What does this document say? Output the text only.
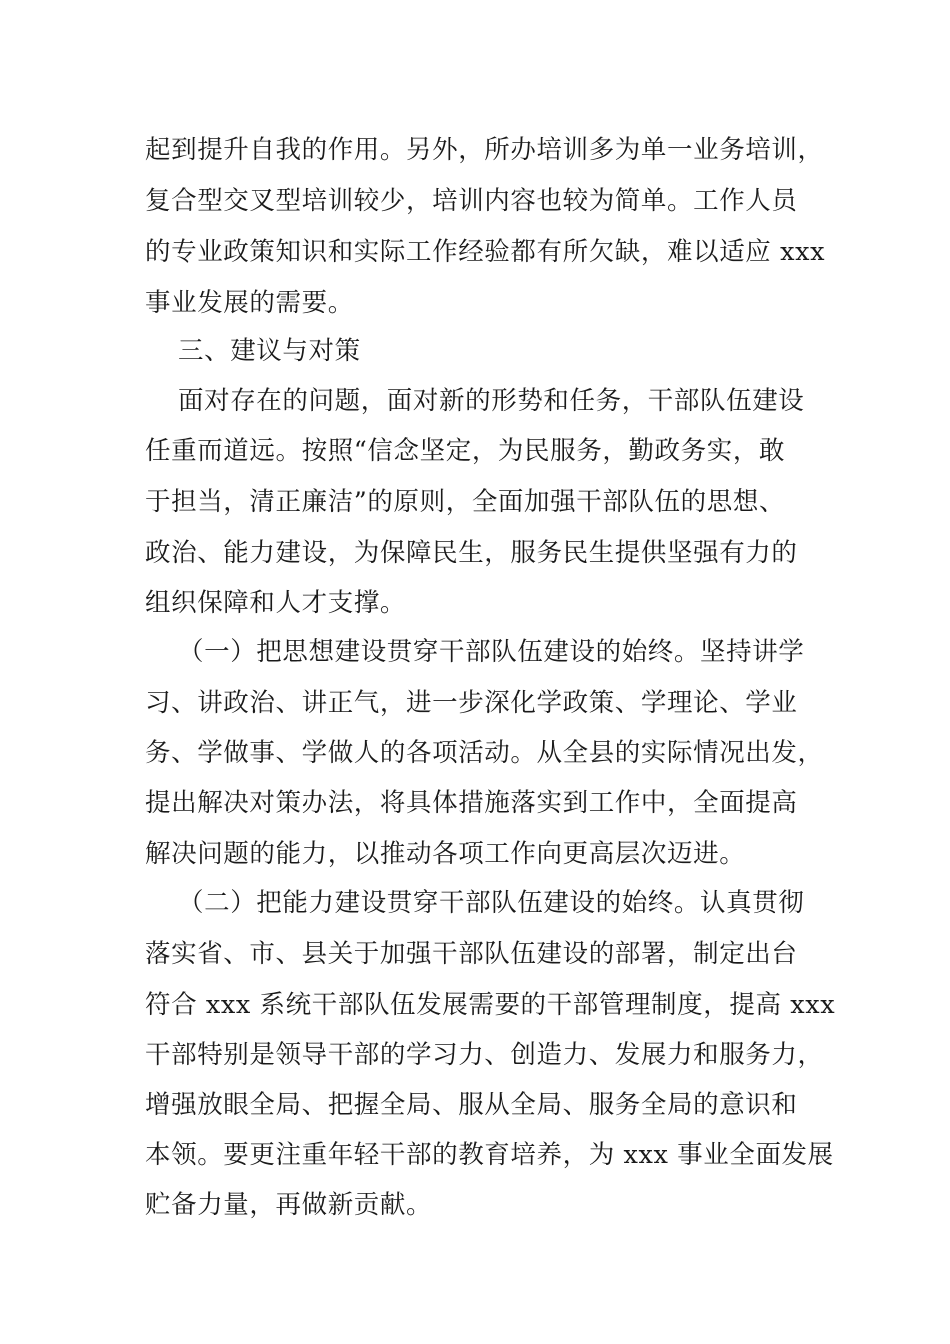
起到提升自我的作用。另外，所办培训多为单一业务培训，
复合型交叉型培训较少，培训内容也较为简单。工作人员
的专业政策知识和实际工作经验都有所欠缺，难以适应 xxx
事业发展的需要。
三、建议与对策
面对存在的问题，面对新的形势和任务，干部队伍建设
任重而道远。按照“信念坚定，为民服务，勤政务实，敢
于担当，清正廉洁”的原则，全面加强干部队伍的思想、
政治、能力建设，为保障民生，服务民生提供坚强有力的
组织保障和人才支撑。
（一）把思想建设贯穿干部队伍建设的始终。坚持讲学
习、讲政治、讲正气，进一步深化学政策、学理论、学业
务、学做事、学做人的各项活动。从全县的实际情况出发，
提出解决对策办法，将具体措施落实到工作中，全面提高
解决问题的能力，以推动各项工作向更高层次迈进。
（二）把能力建设贯穿干部队伍建设的始终。认真贯彻
落实省、市、县关于加强干部队伍建设的部署，制定出台
符合 xxx 系统干部队伍发展需要的干部管理制度，提高 xxx
干部特别是领导干部的学习力、创造力、发展力和服务力，
增强放眼全局、把握全局、服从全局、服务全局的意识和
本领。要更注重年轻干部的教育培养，为 xxx 事业全面发展
贮备力量，再做新贡献。
